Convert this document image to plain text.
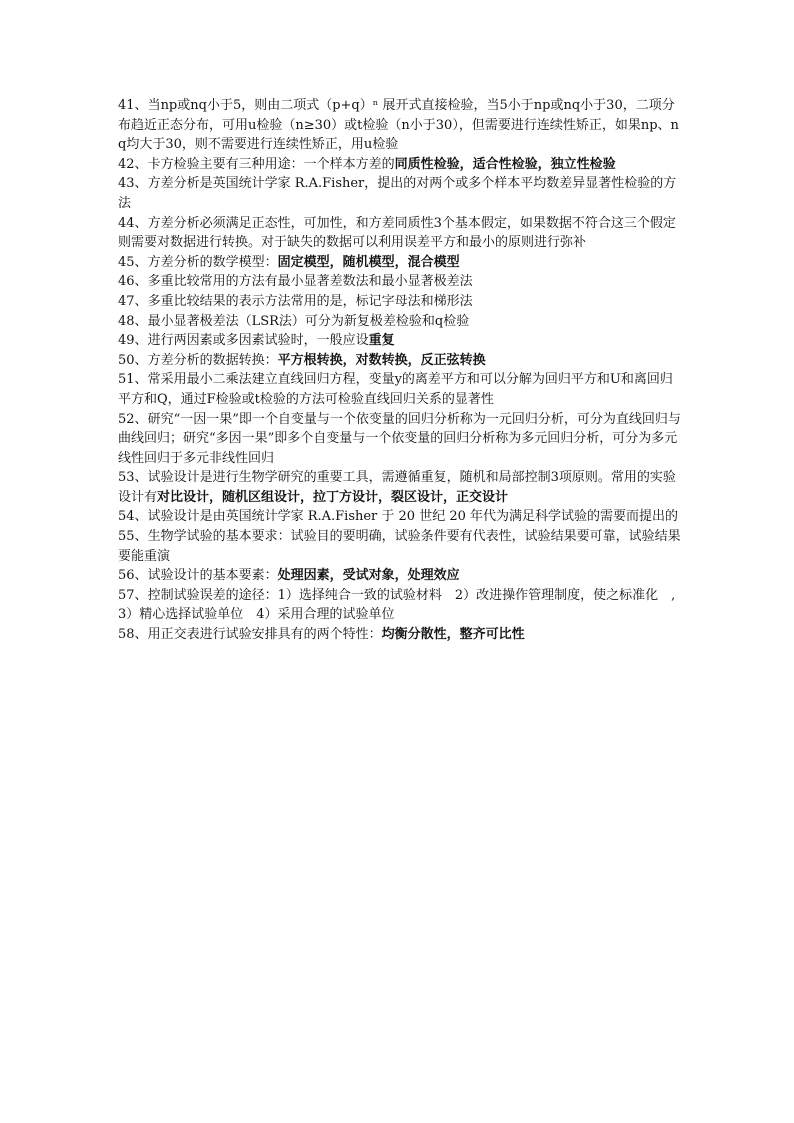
41、当np或nq小于5，则由二项式（p+q）ⁿ 展开式直接检验，当5小于np或nq小于30，二项分布趋近正态分布，可用u检验（n≥30）或t检验（n小于30），但需要进行连续性矫正，如果np、nq均大于30，则不需要进行连续性矫正，用u检验

42、卡方检验主要有三种用途：一个样本方差的同质性检验，适合性检验，独立性检验

43、方差分析是英国统计学家 R.A.Fisher，提出的对两个或多个样本平均数差异显著性检验的方法

44、方差分析必须满足正态性，可加性，和方差同质性3个基本假定，如果数据不符合这三个假定则需要对数据进行转换。对于缺失的数据可以利用误差平方和最小的原则进行弥补

45、方差分析的数学模型：固定模型，随机模型，混合模型

46、多重比较常用的方法有最小显著差数法和最小显著极差法

47、多重比较结果的表示方法常用的是，标记字母法和梯形法

48、最小显著极差法（LSR法）可分为新复极差检验和q检验

49、进行两因素或多因素试验时，一般应设重复

50、方差分析的数据转换：平方根转换，对数转换，反正弦转换

51、常采用最小二乘法建立直线回归方程，变量y的离差平方和可以分解为回归平方和U和离回归平方和Q，通过F检验或t检验的方法可检验直线回归关系的显著性

52、研究“一因一果”即一个自变量与一个依变量的回归分析称为一元回归分析，可分为直线回归与曲线回归；研究“多因一果”即多个自变量与一个依变量的回归分析称为多元回归分析，可分为多元线性回归于多元非线性回归

53、试验设计是进行生物学研究的重要工具，需遵循重复，随机和局部控制3项原则。常用的实验设计有对比设计，随机区组设计，拉丁方设计，裂区设计，正交设计

54、试验设计是由英国统计学家 R.A.Fisher 于 20 世纪 20 年代为满足科学试验的需要而提出的

55、生物学试验的基本要求：试验目的要明确，试验条件要有代表性，试验结果要可靠，试验结果要能重演

56、试验设计的基本要素：处理因素，受试对象，处理效应

57、控制试验误差的途径：1）选择纯合一致的试验材料　2）改进操作管理制度，使之标准化　,3）精心选择试验单位　4）采用合理的试验单位

58、用正交表进行试验安排具有的两个特性：均衡分散性，整齐可比性
